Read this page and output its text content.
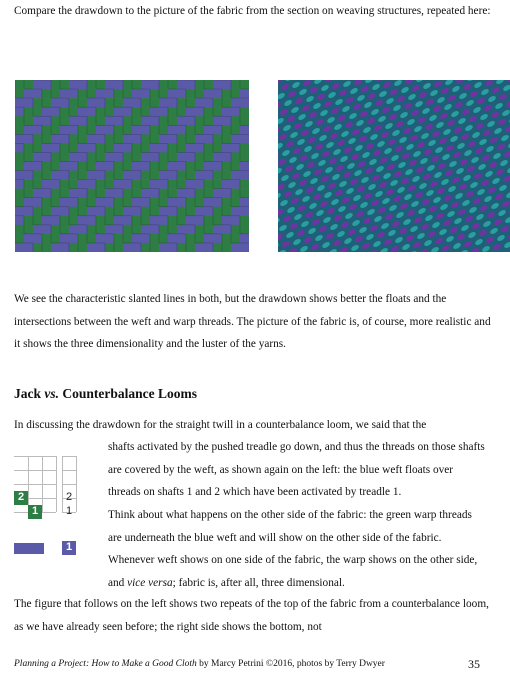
Compare the drawdown to the picture of the fabric from the section on weaving structures, repeated here:

We see the characteristic slanted lines in both, but the drawdown shows better the floats and the intersections between the weft and warp threads. The picture of the fabric is, of course, more realistic and it shows the three dimensionality and the luster of the yarns.

Jack vs. Counterbalance Looms

In discussing the drawdown for the straight twill in a counterbalance loom, we said that the

shafts activated by the pushed treadle go down, and thus the threads on those shafts are covered by the weft, as shown again on the left: the blue weft floats over threads on shafts 1 and 2 which have been activated by treadle 1.

2
1
2
1
1

Think about what happens on the other side of the fabric: the green warp threads are underneath the blue weft and will show on the other side of the fabric. Whenever weft shows on one side of the fabric, the warp shows on the other side, and vice versa; fabric is, after all, three dimensional.

The figure that follows on the left shows two repeats of the top of the fabric from a counterbalance loom, as we have already seen before; the right side shows the bottom, not

Planning a Project: How to Make a Good Cloth by Marcy Petrini ©2016, photos by Terry Dwyer	35
